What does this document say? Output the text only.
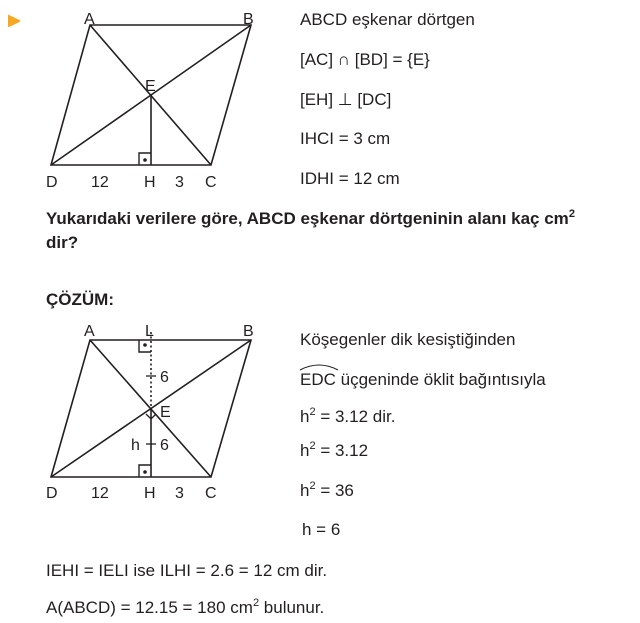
A	B
E
D 12 H 3 C
ABCD eşkenar dörtgen
[AC] ∩ [BD] = {E}
[EH] ⊥ [DC]
IHCI = 3 cm
IDHI = 12 cm
Yukarıdaki verilere göre, ABCD eşkenar dörtgeninin alanı kaç $cm^2$
dir?
ÇÖZÜM:
A	L	B
6
E
h 6
D 12 H 3 C
Köşegenler dik kesiştiğinden
EDC üçgeninde öklit bağıntısıyla
$h^2 = 3.12$ dir.
$h^2 = 3.12$
$h^2 = 36$
h = 6
IEHI = IELI ise ILHI = 2.6 = 12 cm dir.
A(ABCD) = 12.15 = 180 $cm^2$ bulunur.
